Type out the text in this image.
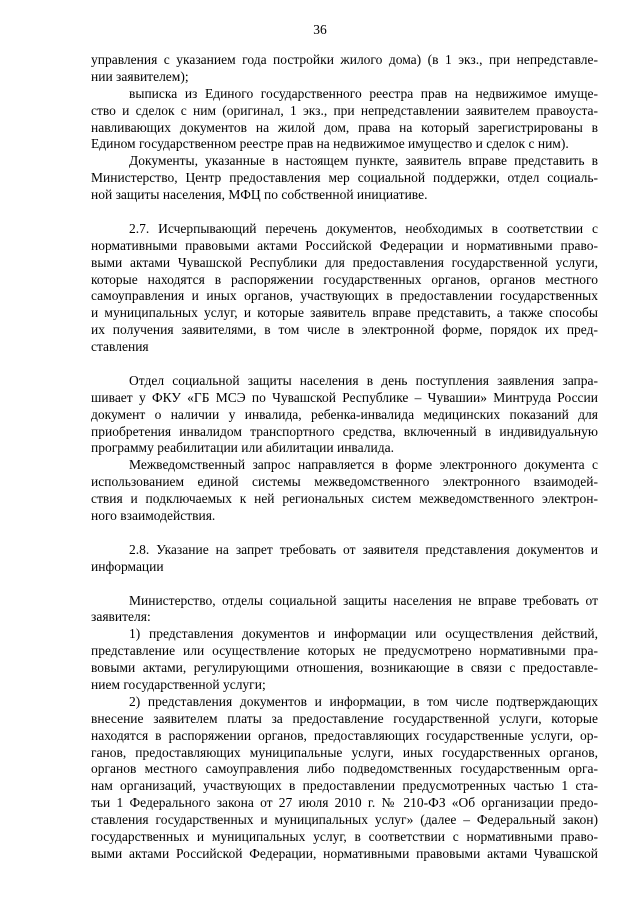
36
управления с указанием года постройки жилого дома) (в 1 экз., при непредставле-
нии заявителем);
выписка из Единого государственного реестра прав на недвижимое имуще-
ство и сделок с ним (оригинал, 1 экз., при непредставлении заявителем правоуста-
навливающих документов на жилой дом, права на который зарегистрированы в
Едином государственном реестре прав на недвижимое имущество и сделок с ним).
Документы, указанные в настоящем пункте, заявитель вправе представить в
Министерство, Центр предоставления мер социальной поддержки, отдел социаль-
ной защиты населения, МФЦ по собственной инициативе.
2.7. Исчерпывающий перечень документов, необходимых в соответствии с
нормативными правовыми актами Российской Федерации и нормативными право-
выми актами Чувашской Республики для предоставления государственной услуги,
которые находятся в распоряжении государственных органов, органов местного
самоуправления и иных органов, участвующих в предоставлении государственных
и муниципальных услуг, и которые заявитель вправе представить, а также способы
их получения заявителями, в том числе в электронной форме, порядок их пред-
ставления
Отдел социальной защиты населения в день поступления заявления запра-
шивает у ФКУ «ГБ МСЭ по Чувашской Республике – Чувашии» Минтруда России
документ о наличии у инвалида, ребенка-инвалида медицинских показаний для
приобретения инвалидом транспортного средства, включенный в индивидуальную
программу реабилитации или абилитации инвалида.
Межведомственный запрос направляется в форме электронного документа с
использованием единой системы межведомственного электронного взаимодей-
ствия и подключаемых к ней региональных систем межведомственного электрон-
ного взаимодействия.
2.8. Указание на запрет требовать от заявителя представления документов и
информации
Министерство, отделы социальной защиты населения не вправе требовать от
заявителя:
1) представления документов и информации или осуществления действий,
представление или осуществление которых не предусмотрено нормативными пра-
вовыми актами, регулирующими отношения, возникающие в связи с предоставле-
нием государственной услуги;
2) представления документов и информации, в том числе подтверждающих
внесение заявителем платы за предоставление государственной услуги, которые
находятся в распоряжении органов, предоставляющих государственные услуги, ор-
ганов, предоставляющих муниципальные услуги, иных государственных органов,
органов местного самоуправления либо подведомственных государственным орга-
нам организаций, участвующих в предоставлении предусмотренных частью 1 ста-
тьи 1 Федерального закона от 27 июля 2010 г. № 210-ФЗ «Об организации предо-
ставления государственных и муниципальных услуг» (далее – Федеральный закон)
государственных и муниципальных услуг, в соответствии с нормативными право-
выми актами Российской Федерации, нормативными правовыми актами Чувашской
